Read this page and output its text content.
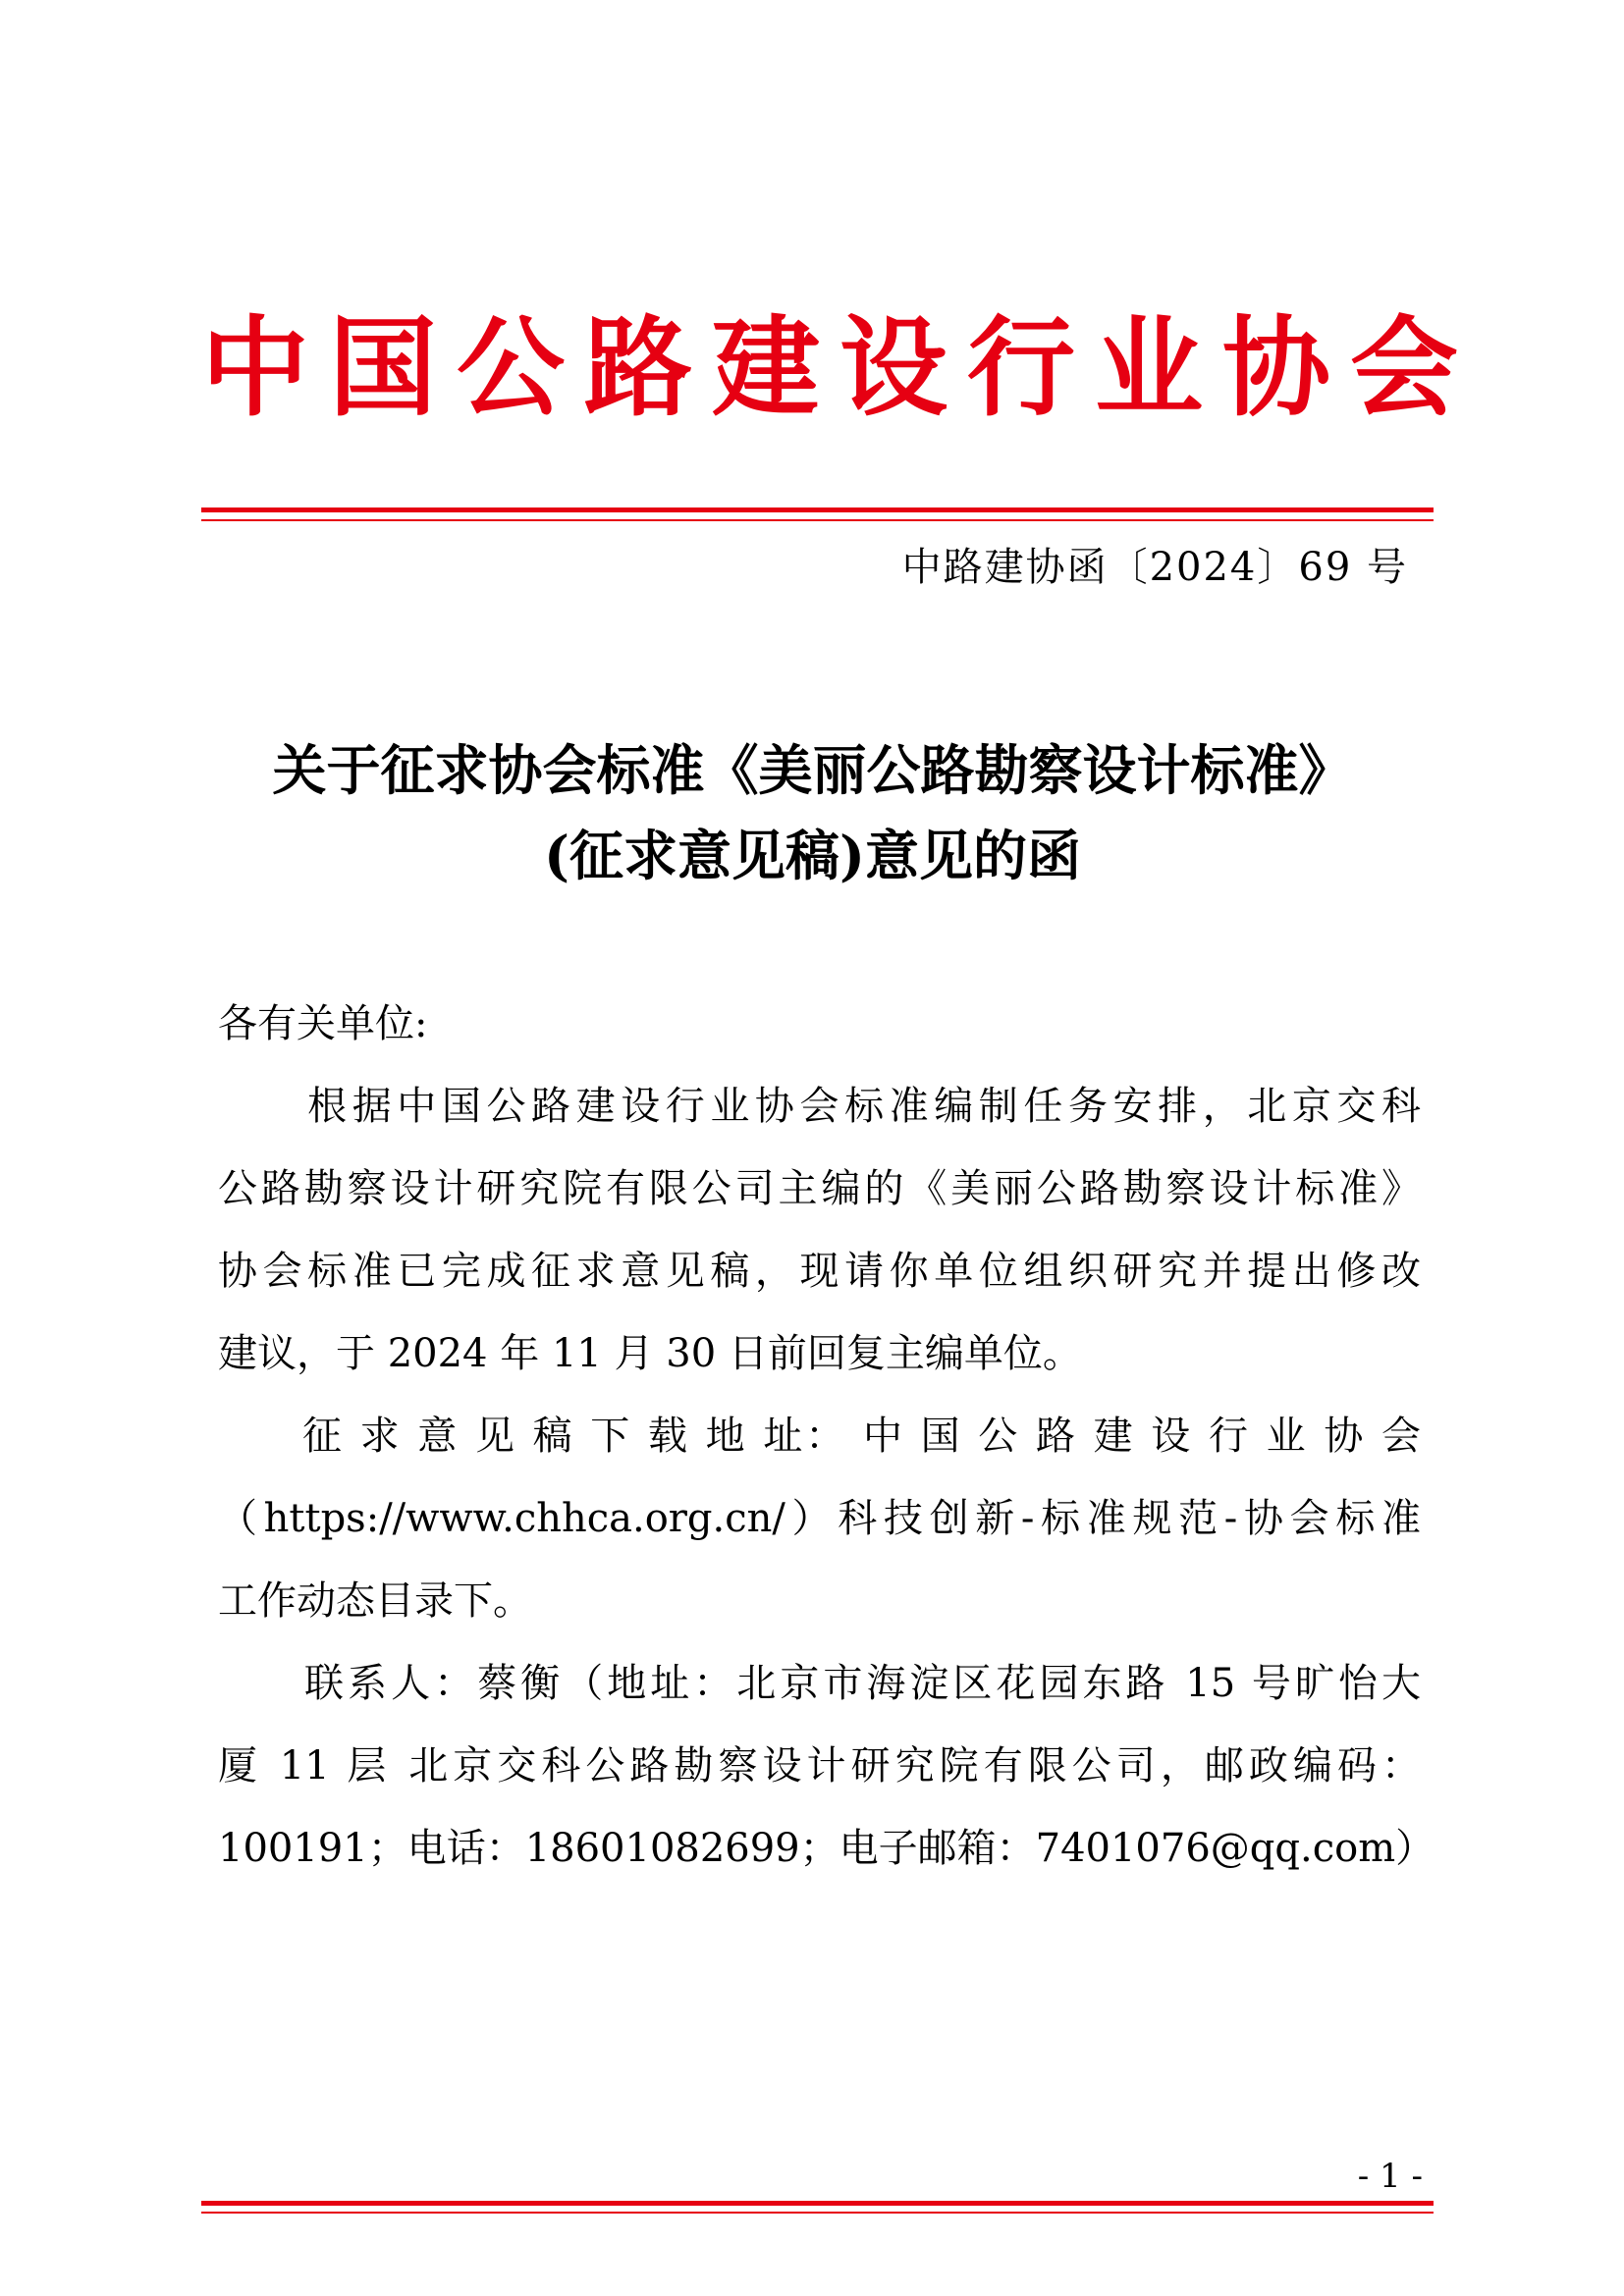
中国公路建设行业协会
中路建协函〔2024〕69 号
关于征求协会标准《美丽公路勘察设计标准》
(征求意见稿)意见的函
各有关单位:
　　根据中国公路建设行业协会标准编制任务安排，北京交科
公路勘察设计研究院有限公司主编的《美丽公路勘察设计标准》
协会标准已完成征求意见稿，现请你单位组织研究并提出修改
建议，于 2024 年 11 月 30 日前回复主编单位。
　　征 求 意 见 稿 下 载 地 址： 中 国 公 路 建 设 行 业 协 会
（https://www.chhca.org.cn/）科技创新-标准规范-协会标准
工作动态目录下。
　　联系人：蔡衡（地址：北京市海淀区花园东路 15 号旷怡大
厦 11 层 北京交科公路勘察设计研究院有限公司，邮政编码：
100191；电话：18601082699；电子邮箱：7401076@qq.com）
- 1 -
